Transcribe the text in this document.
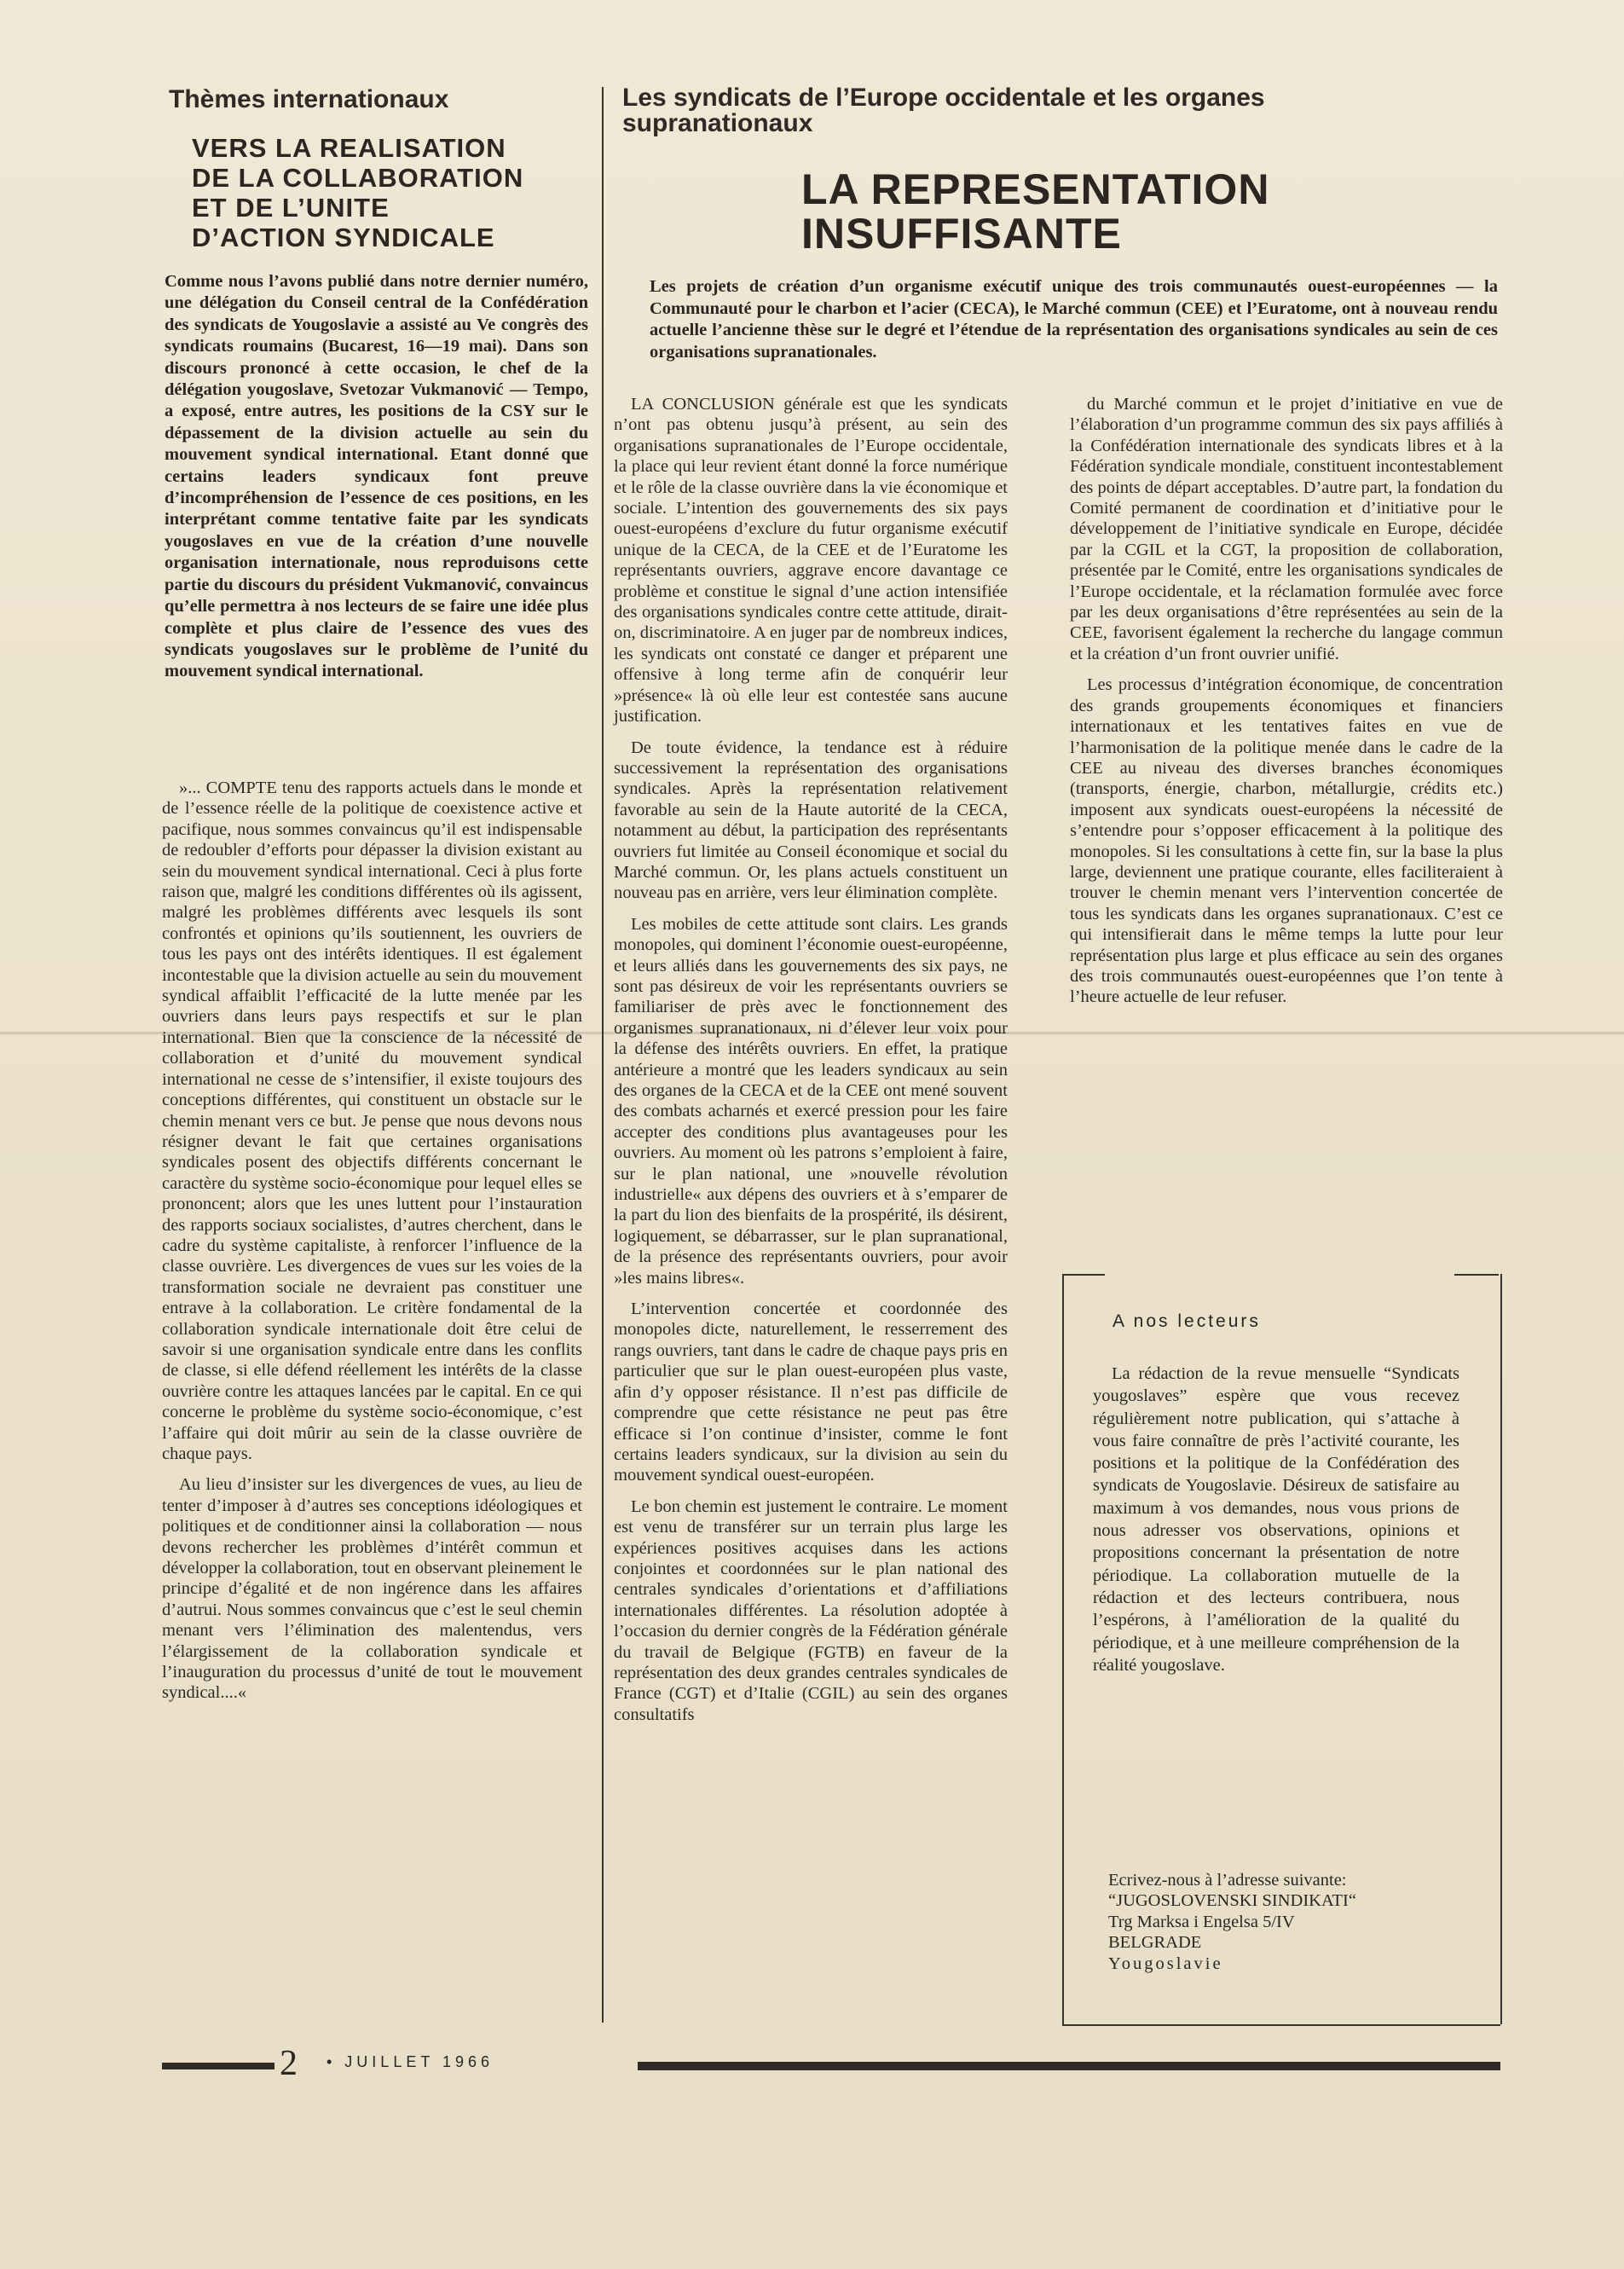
Thèmes internationaux	Les syndicats de l’Europe occidentale et les organes supranationaux
VERS LA REALISATION
DE LA COLLABORATION
ET DE L’UNITE
D’ACTION SYNDICALE
LA REPRESENTATION
INSUFFISANTE
Comme nous l’avons publié dans notre dernier numéro, une délégation du Conseil central de la Confédération des syndicats de Yougoslavie a assisté au Ve congrès des syndicats roumains (Bucarest, 16—19 mai). Dans son discours prononcé à cette occasion, le chef de la délégation yougoslave, Svetozar Vukmanović — Tempo, a exposé, entre autres, les positions de la CSY sur le dépassement de la division actuelle au sein du mouvement syndical international. Etant donné que certains leaders syndicaux font preuve d’incompréhension de l’essence de ces positions, en les interprétant comme tentative faite par les syndicats yougoslaves en vue de la création d’une nouvelle organisation internationale, nous reproduisons cette partie du discours du président Vukmanović, convaincus qu’elle permettra à nos lecteurs de se faire une idée plus complète et plus claire de l’essence des vues des syndicats yougoslaves sur le problème de l’unité du mouvement syndical international.
Les projets de création d’un organisme exécutif unique des trois communautés ouest-européennes — la Communauté pour le charbon et l’acier (CECA), le Marché commun (CEE) et l’Euratome, ont à nouveau rendu actuelle l’ancienne thèse sur le degré et l’étendue de la représentation des organisations syndicales au sein de ces organisations supranationales.

»... COMPTE tenu des rapports actuels dans le monde et de l’essence réelle de la politique de coexistence active et pacifique, nous sommes convaincus qu’il est indispensable de redoubler d’efforts pour dépasser la division existant au sein du mouvement syndical international. Ceci à plus forte raison que, malgré les conditions différentes où ils agissent, malgré les problèmes différents avec lesquels ils sont confrontés et opinions qu’ils soutiennent, les ouvriers de tous les pays ont des intérêts identiques. Il est également incontestable que la division actuelle au sein du mouvement syndical affaiblit l’efficacité de la lutte menée par les ouvriers dans leurs pays respectifs et sur le plan international. Bien que la conscience de la nécessité de collaboration et d’unité du mouvement syndical international ne cesse de s’intensifier, il existe toujours des conceptions différentes, qui constituent un obstacle sur le chemin menant vers ce but. Je pense que nous devons nous résigner devant le fait que certaines organisations syndicales posent des objectifs différents concernant le caractère du système socio-économique pour lequel elles se prononcent; alors que les unes luttent pour l’instauration des rapports sociaux socialistes, d’autres cherchent, dans le cadre du système capitaliste, à renforcer l’influence de la classe ouvrière. Les divergences de vues sur les voies de la transformation sociale ne devraient pas constituer une entrave à la collaboration. Le critère fondamental de la collaboration syndicale internationale doit être celui de savoir si une organisation syndicale entre dans les conflits de classe, si elle défend réellement les intérêts de la classe ouvrière contre les attaques lancées par le capital. En ce qui concerne le problème du système socio-économique, c’est l’affaire qui doit mûrir au sein de la classe ouvrière de chaque pays.

Au lieu d’insister sur les divergences de vues, au lieu de tenter d’imposer à d’autres ses conceptions idéologiques et politiques et de conditionner ainsi la collaboration — nous devons rechercher les problèmes d’intérêt commun et développer la collaboration, tout en observant pleinement le principe d’égalité et de non ingérence dans les affaires d’autrui. Nous sommes convaincus que c’est le seul chemin menant vers l’élimination des malentendus, vers l’élargissement de la collaboration syndicale et l’inauguration du processus d’unité de tout le mouvement syndical....«

LA CONCLUSION générale est que les syndicats n’ont pas obtenu jusqu’à présent, au sein des organisations supranationales de l’Europe occidentale, la place qui leur revient étant donné la force numérique et le rôle de la classe ouvrière dans la vie économique et sociale. L’intention des gouvernements des six pays ouest-européens d’exclure du futur organisme exécutif unique de la CECA, de la CEE et de l’Euratome les représentants ouvriers, aggrave encore davantage ce problème et constitue le signal d’une action intensifiée des organisations syndicales contre cette attitude, dirait-on, discriminatoire. A en juger par de nombreux indices, les syndicats ont constaté ce danger et préparent une offensive à long terme afin de conquérir leur »présence« là où elle leur est contestée sans aucune justification.

De toute évidence, la tendance est à réduire successivement la représentation des organisations syndicales. Après la représentation relativement favorable au sein de la Haute autorité de la CECA, notamment au début, la participation des représentants ouvriers fut limitée au Conseil économique et social du Marché commun. Or, les plans actuels constituent un nouveau pas en arrière, vers leur élimination complète.

Les mobiles de cette attitude sont clairs. Les grands monopoles, qui dominent l’économie ouest-européenne, et leurs alliés dans les gouvernements des six pays, ne sont pas désireux de voir les représentants ouvriers se familiariser de près avec le fonctionnement des organismes supranationaux, ni d’élever leur voix pour la défense des intérêts ouvriers. En effet, la pratique antérieure a montré que les leaders syndicaux au sein des organes de la CECA et de la CEE ont mené souvent des combats acharnés et exercé pression pour les faire accepter des conditions plus avantageuses pour les ouvriers. Au moment où les patrons s’emploient à faire, sur le plan national, une »nouvelle révolution industrielle« aux dépens des ouvriers et à s’emparer de la part du lion des bienfaits de la prospérité, ils désirent, logiquement, se débarrasser, sur le plan supranational, de la présence des représentants ouvriers, pour avoir »les mains libres«.

L’intervention concertée et coordonnée des monopoles dicte, naturellement, le resserrement des rangs ouvriers, tant dans le cadre de chaque pays pris en particulier que sur le plan ouest-européen plus vaste, afin d’y opposer résistance. Il n’est pas difficile de comprendre que cette résistance ne peut pas être efficace si l’on continue d’insister, comme le font certains leaders syndicaux, sur la division au sein du mouvement syndical ouest-européen.

Le bon chemin est justement le contraire. Le moment est venu de transférer sur un terrain plus large les expériences positives acquises dans les actions conjointes et coordonnées sur le plan national des centrales syndicales d’orientations et d’affiliations internationales différentes. La résolution adoptée à l’occasion du dernier congrès de la Fédération générale du travail de Belgique (FGTB) en faveur de la représentation des deux grandes centrales syndicales de France (CGT) et d’Italie (CGIL) au sein des organes consultatifs

du Marché commun et le projet d’initiative en vue de l’élaboration d’un programme commun des six pays affiliés à la Confédération internationale des syndicats libres et à la Fédération syndicale mondiale, constituent incontestablement des points de départ acceptables. D’autre part, la fondation du Comité permanent de coordination et d’initiative pour le développement de l’initiative syndicale en Europe, décidée par la CGIL et la CGT, la proposition de collaboration, présentée par le Comité, entre les organisations syndicales de l’Europe occidentale, et la réclamation formulée avec force par les deux organisations d’être représentées au sein de la CEE, favorisent également la recherche du langage commun et la création d’un front ouvrier unifié.

Les processus d’intégration économique, de concentration des grands groupements économiques et financiers internationaux et les tentatives faites en vue de l’harmonisation de la politique menée dans le cadre de la CEE au niveau des diverses branches économiques (transports, énergie, charbon, métallurgie, crédits etc.) imposent aux syndicats ouest-européens la nécessité de s’entendre pour s’opposer efficacement à la politique des monopoles. Si les consultations à cette fin, sur la base la plus large, deviennent une pratique courante, elles faciliteraient à trouver le chemin menant vers l’intervention concertée de tous les syndicats dans les organes supranationaux. C’est ce qui intensifierait dans le même temps la lutte pour leur représentation plus large et plus efficace au sein des organes des trois communautés ouest-européennes que l’on tente à l’heure actuelle de leur refuser.

A nos lecteurs

La rédaction de la revue mensuelle “Syndicats yougoslaves” espère que vous recevez régulièrement notre publication, qui s’attache à vous faire connaître de près l’activité courante, les positions et la politique de la Confédération des syndicats de Yougoslavie. Désireux de satisfaire au maximum à vos demandes, nous vous prions de nous adresser vos observations, opinions et propositions concernant la présentation de notre périodique. La collaboration mutuelle de la rédaction et des lecteurs contribuera, nous l’espérons, à l’amélioration de la qualité du périodique, et à une meilleure compréhension de la réalité yougoslave.

Ecrivez-nous à l’adresse suivante:
“JUGOSLOVENSKI SINDIKATI“
Trg Marksa i Engelsa 5/IV
BELGRADE
Yougoslavie
2	• JUILLET 1966
